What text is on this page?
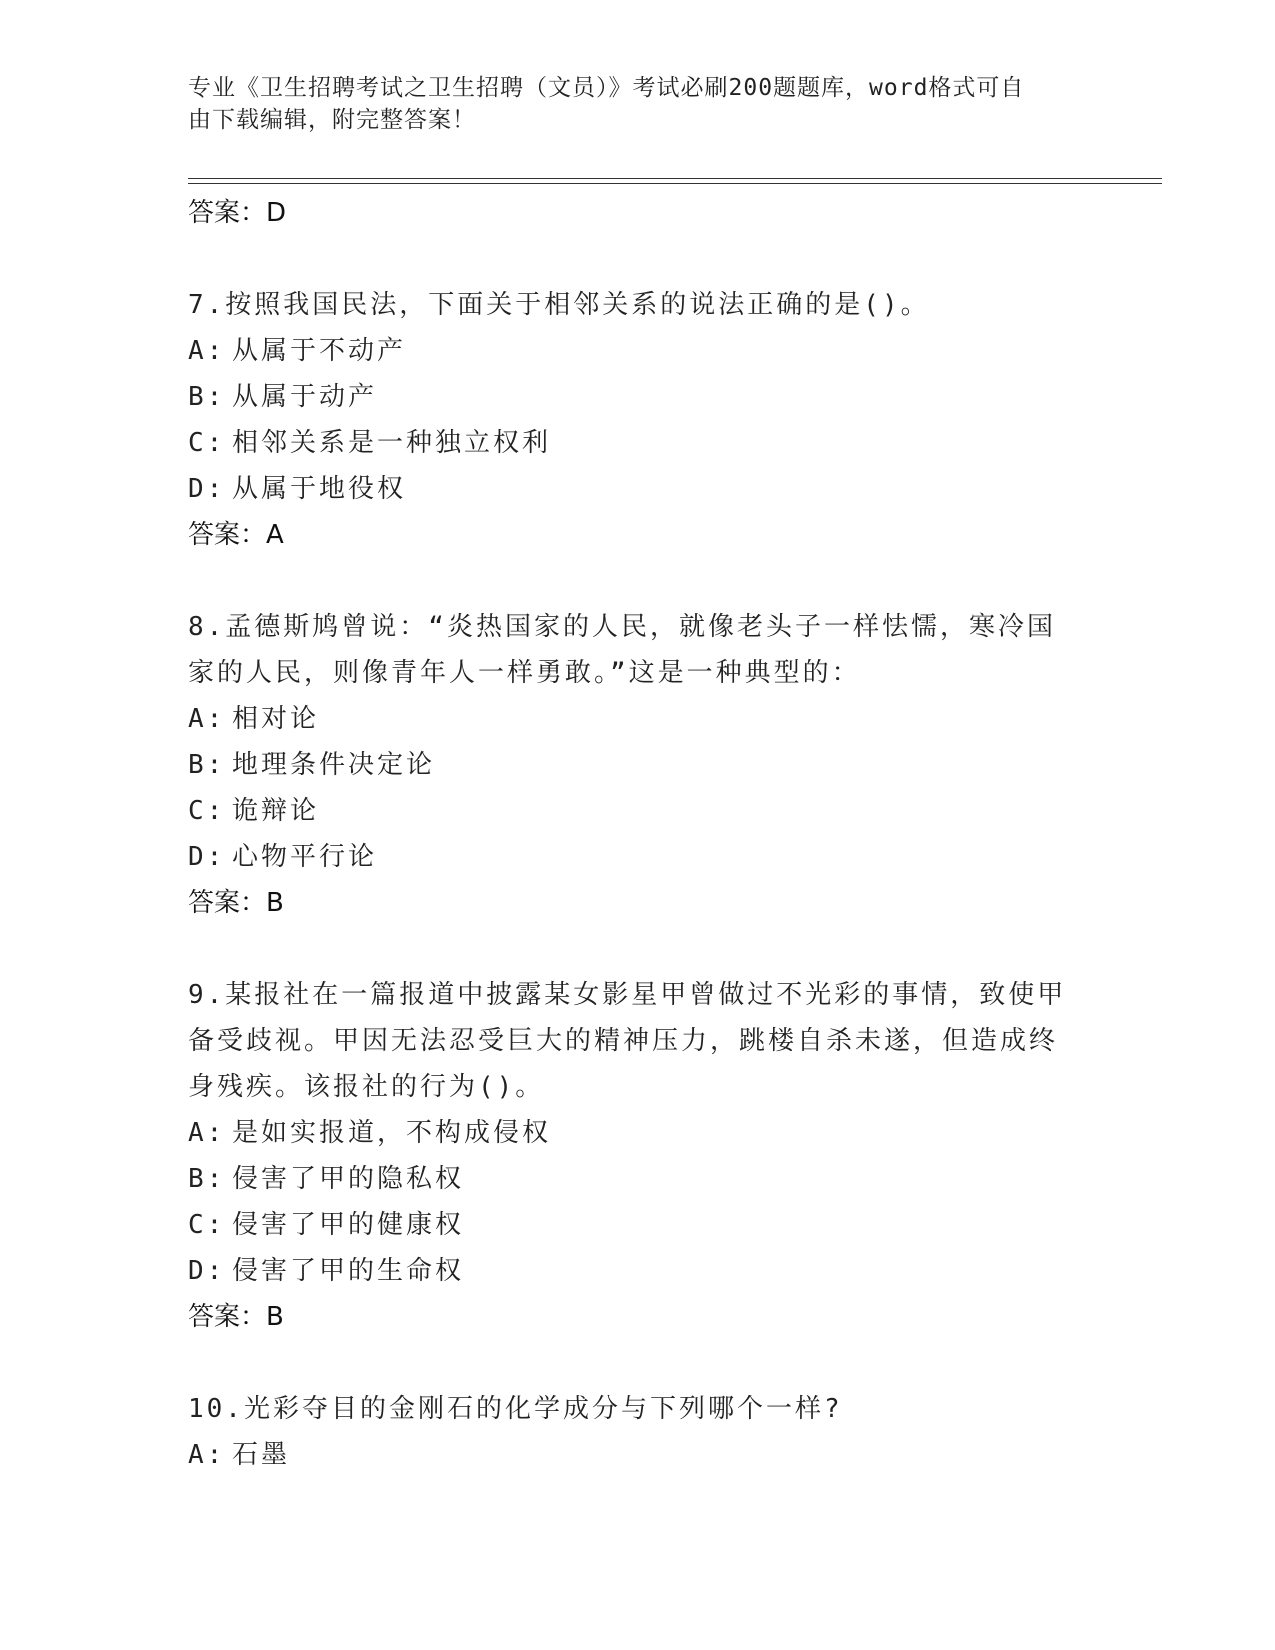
专业《卫生招聘考试之卫生招聘（文员）》考试必刷200题题库，word格式可自
由下载编辑，附完整答案！
答案：D
7.按照我国民法，下面关于相邻关系的说法正确的是()。
A: 从属于不动产
B: 从属于动产
C: 相邻关系是一种独立权利
D: 从属于地役权
答案：A
8.孟德斯鸠曾说：“炎热国家的人民，就像老头子一样怯懦，寒冷国
家的人民，则像青年人一样勇敢。”这是一种典型的：
A: 相对论
B: 地理条件决定论
C: 诡辩论
D: 心物平行论
答案：B
9.某报社在一篇报道中披露某女影星甲曾做过不光彩的事情，致使甲
备受歧视。甲因无法忍受巨大的精神压力，跳楼自杀未遂，但造成终
身残疾。该报社的行为()。
A: 是如实报道，不构成侵权
B: 侵害了甲的隐私权
C: 侵害了甲的健康权
D: 侵害了甲的生命权
答案：B
10.光彩夺目的金刚石的化学成分与下列哪个一样?
A: 石墨
